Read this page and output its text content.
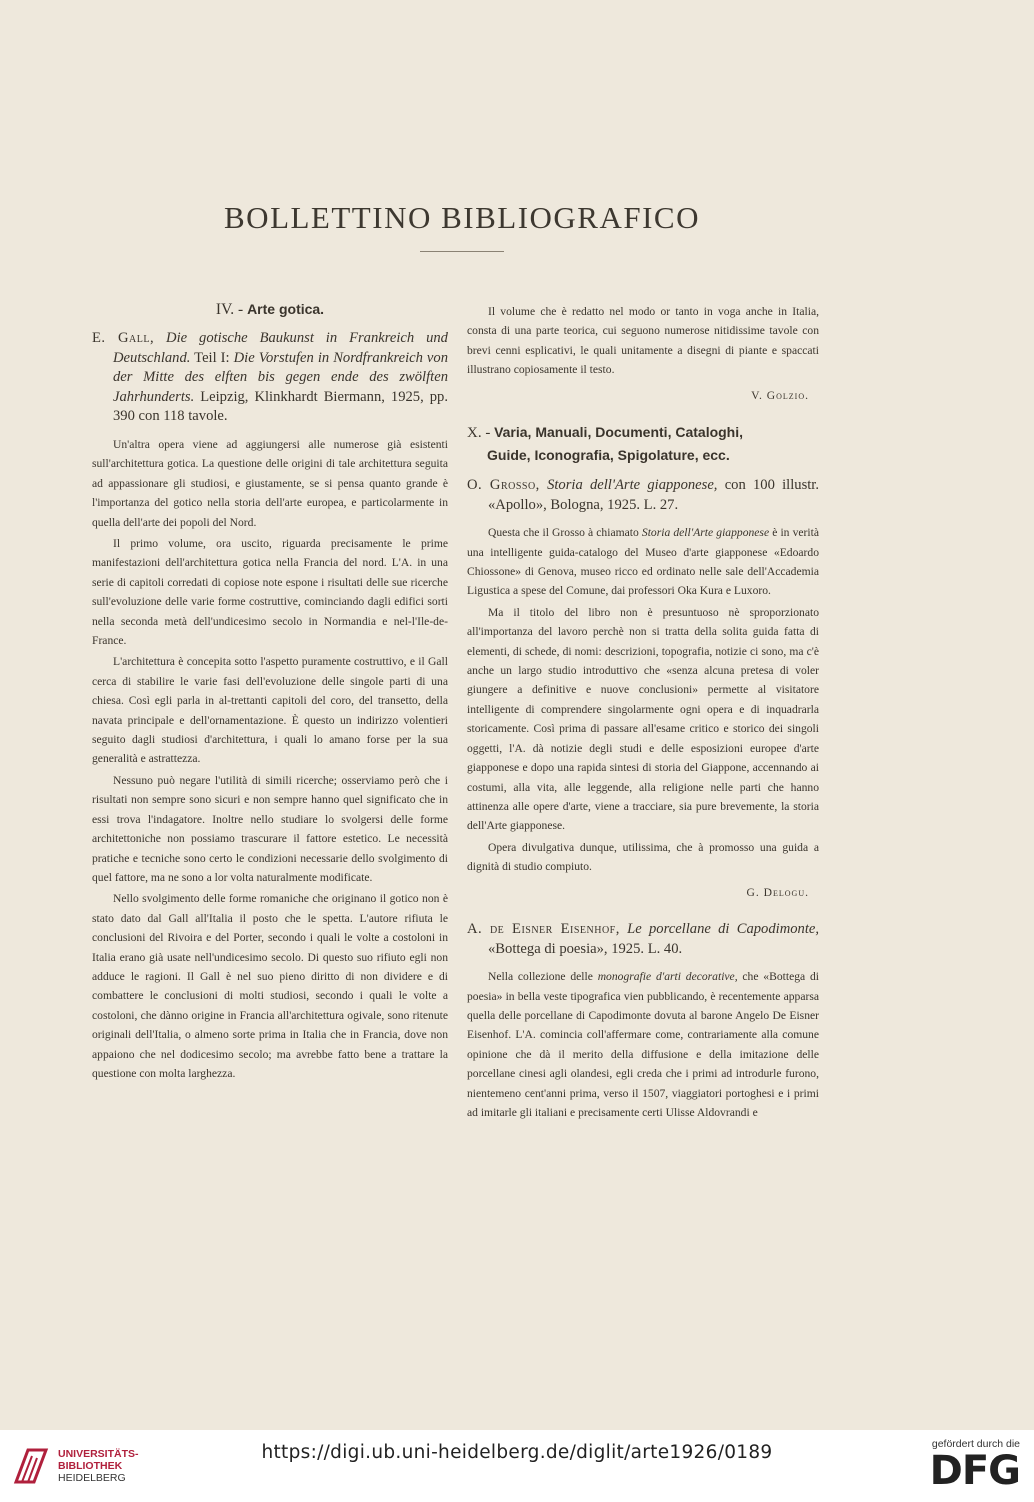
BOLLETTINO BIBLIOGRAFICO
IV. - Arte gotica.
E. Gall, Die gotische Baukunst in Frankreich und Deutschland. Teil I: Die Vorstufen in Nordfrankreich von der Mitte des elften bis gegen ende des zwölften Jahrhunderts. Leipzig, Klinkhardt Biermann, 1925, pp. 390 con 118 tavole.

Un'altra opera viene ad aggiungersi alle numerose già esistenti sull'architettura gotica. La questione delle origini di tale architettura seguita ad appassionare gli studiosi, e giustamente, se si pensa quanto grande è l'importanza del gotico nella storia dell'arte europea, e particolarmente in quella dell'arte dei popoli del Nord.

Il primo volume, ora uscito, riguarda precisamente le prime manifestazioni dell'architettura gotica nella Francia del nord. L'A. in una serie di capitoli corredati di copiose note espone i risultati delle sue ricerche sull'evoluzione delle varie forme costruttive, cominciando dagli edifici sorti nella seconda metà dell'undicesimo secolo in Normandia e nel-l'Ile-de-France.

L'architettura è concepita sotto l'aspetto puramente costruttivo, e il Gall cerca di stabilire le varie fasi dell'evoluzione delle singole parti di una chiesa. Così egli parla in al-trettanti capitoli del coro, del transetto, della navata principale e dell'ornamentazione. È questo un indirizzo volentieri seguito dagli studiosi d'architettura, i quali lo amano forse per la sua generalità e astrattezza.

Nessuno può negare l'utilità di simili ricerche; osserviamo però che i risultati non sempre sono sicuri e non sempre hanno quel significato che in essi trova l'indagatore. Inoltre nello studiare lo svolgersi delle forme architettoniche non possiamo trascurare il fattore estetico. Le necessità pratiche e tecniche sono certo le condizioni necessarie dello svolgimento di quel fattore, ma ne sono a lor volta naturalmente modificate.

Nello svolgimento delle forme romaniche che originano il gotico non è stato dato dal Gall all'Italia il posto che le spetta. L'autore rifiuta le conclusioni del Rivoira e del Porter, secondo i quali le volte a costoloni in Italia erano già usate nell'undicesimo secolo. Di questo suo rifiuto egli non adduce le ragioni. Il Gall è nel suo pieno diritto di non dividere e di combattere le conclusioni di molti studiosi, secondo i quali le volte a costoloni, che dànno origine in Francia all'architettura ogivale, sono ritenute originali dell'Italia, o almeno sorte prima in Italia che in Francia, dove non appaiono che nel dodicesimo secolo; ma avrebbe fatto bene a trattare la questione con molta larghezza.

Il volume che è redatto nel modo or tanto in voga anche in Italia, consta di una parte teorica, cui seguono numerose nitidissime tavole con brevi cenni esplicativi, le quali unitamente a disegni di piante e spaccati illustrano copiosamente il testo.

V. Golzio.
X. - Varia, Manuali, Documenti, Cataloghi,
Guide, Iconografia, Spigolature, ecc.
O. Grosso, Storia dell'Arte giapponese, con 100 illustr. «Apollo», Bologna, 1925. L. 27.

Questa che il Grosso à chiamato Storia dell'Arte giapponese è in verità una intelligente guida-catalogo del Museo d'arte giapponese «Edoardo Chiossone» di Genova, museo ricco ed ordinato nelle sale dell'Accademia Ligustica a spese del Comune, dai professori Oka Kura e Luxoro.

Ma il titolo del libro non è presuntuoso nè sproporzionato all'importanza del lavoro perchè non si tratta della solita guida fatta di elementi, di schede, di nomi: descrizioni, topografia, notizie ci sono, ma c'è anche un largo studio introduttivo che «senza alcuna pretesa di voler giungere a definitive e nuove conclusioni» permette al visitatore intelligente di comprendere singolarmente ogni opera e di inquadrarla storicamente. Così prima di passare all'esame critico e storico dei singoli oggetti, l'A. dà notizie degli studi e delle esposizioni europee d'arte giapponese e dopo una rapida sintesi di storia del Giappone, accennando ai costumi, alla vita, alle leggende, alla religione nelle parti che hanno attinenza alle opere d'arte, viene a tracciare, sia pure brevemente, la storia dell'Arte giapponese.

Opera divulgativa dunque, utilissima, che à promosso una guida a dignità di studio compiuto.

G. Delogu.
A. de Eisner Eisenhof, Le porcellane di Capodimonte, «Bottega di poesia», 1925. L. 40.

Nella collezione delle monografie d'arti decorative, che «Bottega di poesia» in bella veste tipografica vien pubblicando, è recentemente apparsa quella delle porcellane di Capodimonte dovuta al barone Angelo De Eisner Eisenhof. L'A. comincia coll'affermare come, contrariamente alla comune opinione che dà il merito della diffusione e della imitazione delle porcellane cinesi agli olandesi, egli creda che i primi ad introdurle furono, nientemeno cent'anni prima, verso il 1507, viaggiatori portoghesi e i primi ad imitarle gli italiani e precisamente certi Ulisse Aldovrandi e

UNIVERSITÄTS-
BIBLIOTHEK
HEIDELBERG
https://digi.ub.uni-heidelberg.de/diglit/arte1926/0189	gefördert durch die
DFG
